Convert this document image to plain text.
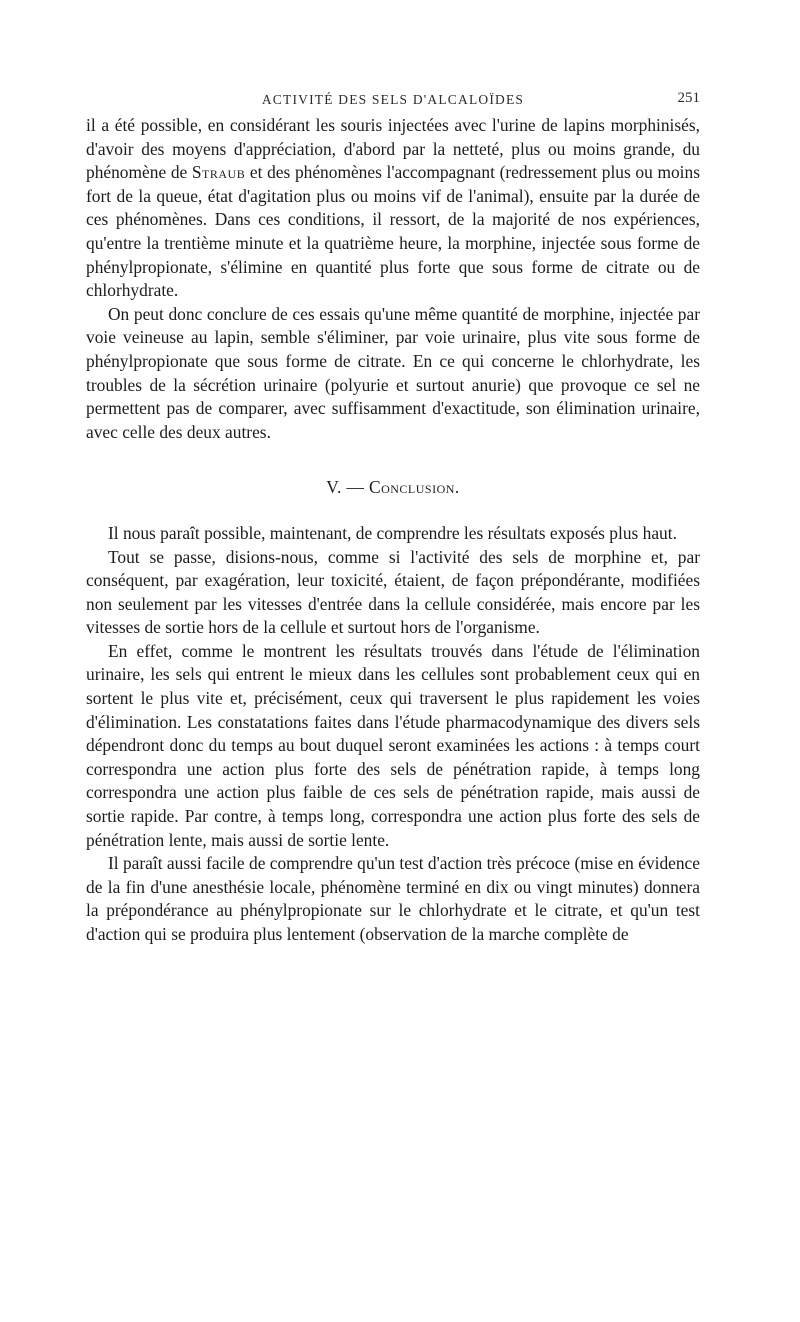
ACTIVITÉ DES SELS D'ALCALOÏDES	251

il a été possible, en considérant les souris injectées avec l'urine de lapins morphinisés, d'avoir des moyens d'appréciation, d'abord par la netteté, plus ou moins grande, du phénomène de Straub et des phénomènes l'accompagnant (redressement plus ou moins fort de la queue, état d'agitation plus ou moins vif de l'animal), ensuite par la durée de ces phénomènes. Dans ces conditions, il ressort, de la majorité de nos expériences, qu'entre la trentième minute et la quatrième heure, la morphine, injectée sous forme de phénylpropionate, s'élimine en quantité plus forte que sous forme de citrate ou de chlorhydrate.

On peut donc conclure de ces essais qu'une même quantité de morphine, injectée par voie veineuse au lapin, semble s'éliminer, par voie urinaire, plus vite sous forme de phénylpropionate que sous forme de citrate. En ce qui concerne le chlorhydrate, les troubles de la sécrétion urinaire (polyurie et surtout anurie) que provoque ce sel ne permettent pas de comparer, avec suffisamment d'exactitude, son élimination urinaire, avec celle des deux autres.

V. — Conclusion.

Il nous paraît possible, maintenant, de comprendre les résultats exposés plus haut.

Tout se passe, disions-nous, comme si l'activité des sels de morphine et, par conséquent, par exagération, leur toxicité, étaient, de façon prépondérante, modifiées non seulement par les vitesses d'entrée dans la cellule considérée, mais encore par les vitesses de sortie hors de la cellule et surtout hors de l'organisme.

En effet, comme le montrent les résultats trouvés dans l'étude de l'élimination urinaire, les sels qui entrent le mieux dans les cellules sont probablement ceux qui en sortent le plus vite et, précisément, ceux qui traversent le plus rapidement les voies d'élimination. Les constatations faites dans l'étude pharmacodynamique des divers sels dépendront donc du temps au bout duquel seront examinées les actions : à temps court correspondra une action plus forte des sels de pénétration rapide, à temps long correspondra une action plus faible de ces sels de pénétration rapide, mais aussi de sortie rapide. Par contre, à temps long, correspondra une action plus forte des sels de pénétration lente, mais aussi de sortie lente.

Il paraît aussi facile de comprendre qu'un test d'action très précoce (mise en évidence de la fin d'une anesthésie locale, phénomène terminé en dix ou vingt minutes) donnera la prépondérance au phénylpropionate sur le chlorhydrate et le citrate, et qu'un test d'action qui se produira plus lentement (observation de la marche complète de
